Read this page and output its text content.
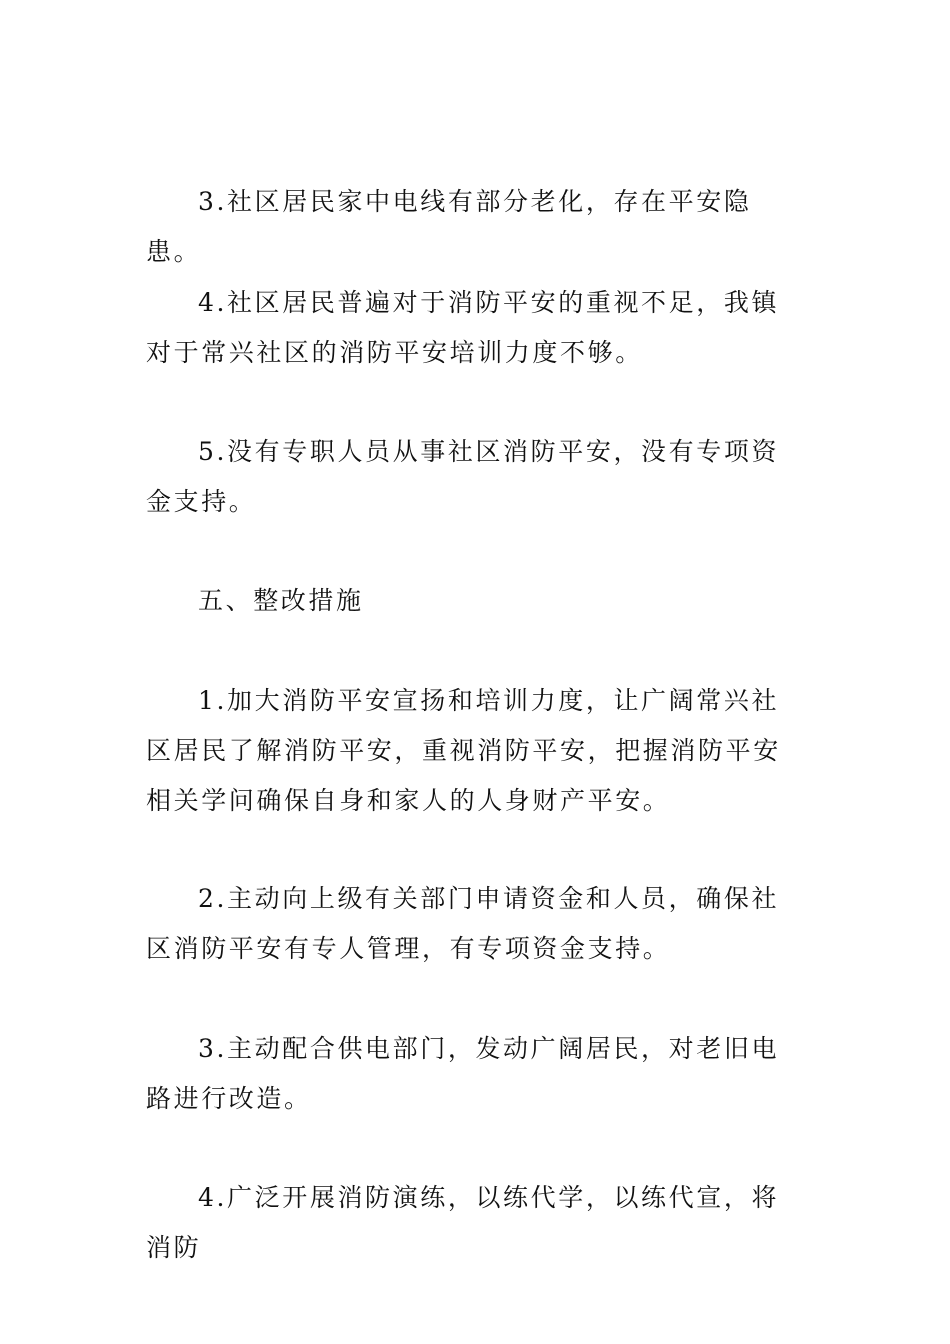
3.社区居民家中电线有部分老化，存在平安隐患。

4.社区居民普遍对于消防平安的重视不足，我镇对于常兴社区的消防平安培训力度不够。

5.没有专职人员从事社区消防平安，没有专项资金支持。

五、整改措施

1.加大消防平安宣扬和培训力度，让广阔常兴社区居民了解消防平安，重视消防平安，把握消防平安相关学问确保自身和家人的人身财产平安。

2.主动向上级有关部门申请资金和人员，确保社区消防平安有专人管理，有专项资金支持。

3.主动配合供电部门，发动广阔居民，对老旧电路进行改造。

4.广泛开展消防演练，以练代学，以练代宣，将消防
